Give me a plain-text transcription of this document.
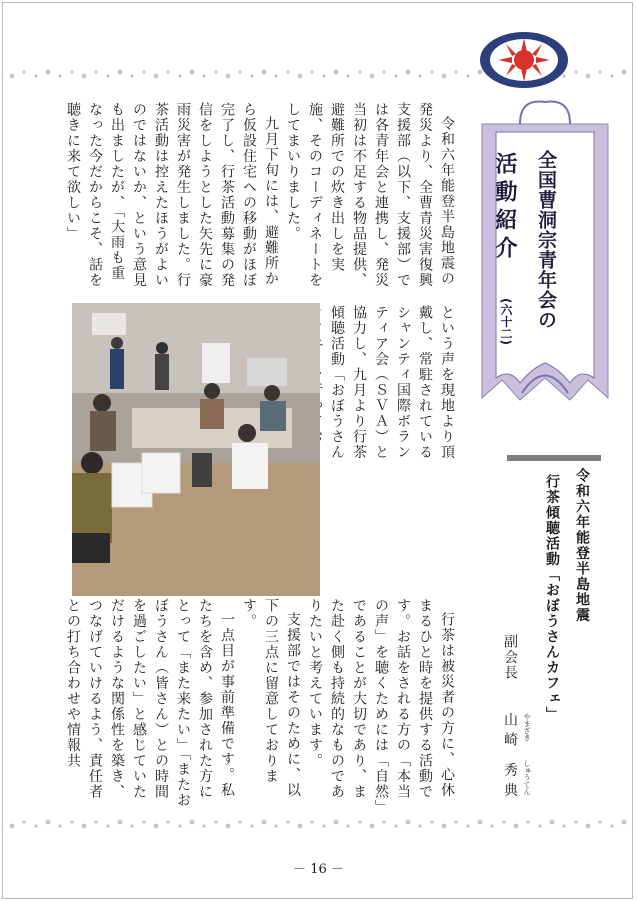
全国曹洞宗青年会の
活動紹介
(六十二)
令和六年能登半島地震
行茶傾聴活動「おぼうさんカフェ」
副会長
山崎 秀典 やまざき
しゅうてん

令和六年能登半島地震の発災より、全曹青災害復興支援部（以下、支援部）では各青年会と連携し、発災当初は不足する物品提供、避難所での炊き出しを実施、そのコーディネートをしてまいりました。

九月下旬には、避難所から仮設住宅への移動がほぼ完了し、行茶活動募集の発信をしようとした矢先に豪雨災害が発生しました。行茶活動は控えたほうがよいのではないか、という意見も出ましたが、「大雨も重なった今だからこそ、話を聴きに来て欲しい」

という声を現地より頂戴し、常駐されているシャンティ国際ボランティア会（ＳＶＡ）と協力し、九月より行茶傾聴活動「おぼうさん

行茶は被災者の方に、心休まるひと時を提供する活動です。お話をされる方の「本当の声」を聴くためには「自然」であることが大切であり、また赴く側も持続的なものでありたいと考えています。

支援部ではそのために、以下の三点に留意しております。

一点目が事前準備です。私たちを含め、参加された方にとって「また来たい」「またおぼうさん（皆さん）との時間を過ごしたい」と感じていただけるような関係性を築き、つなげていけるよう、責任者との打ち合わせや情報共

－ 16 －
